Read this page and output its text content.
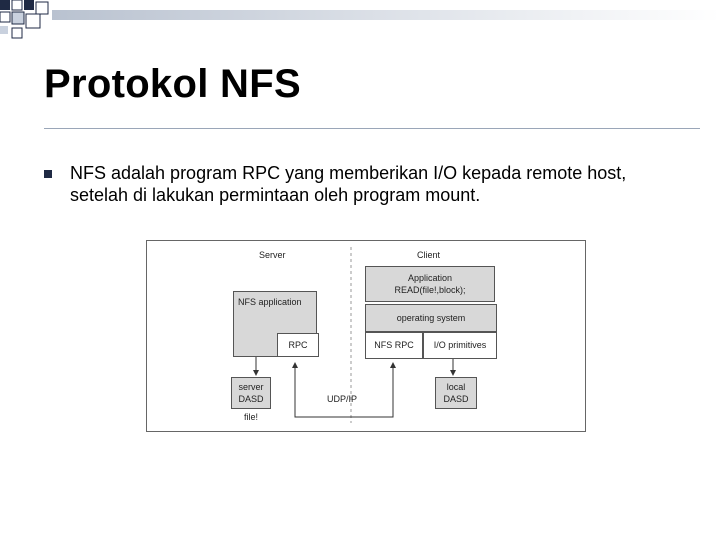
Protokol NFS
NFS adalah program RPC yang memberikan I/O kepada remote host, setelah di lakukan permintaan oleh program mount.
Server	Client
NFS application
RPC
server
DASD
file!
Application
READ(file!,block);
operating system
NFS RPC	I/O primitives
local
DASD
UDP/IP
